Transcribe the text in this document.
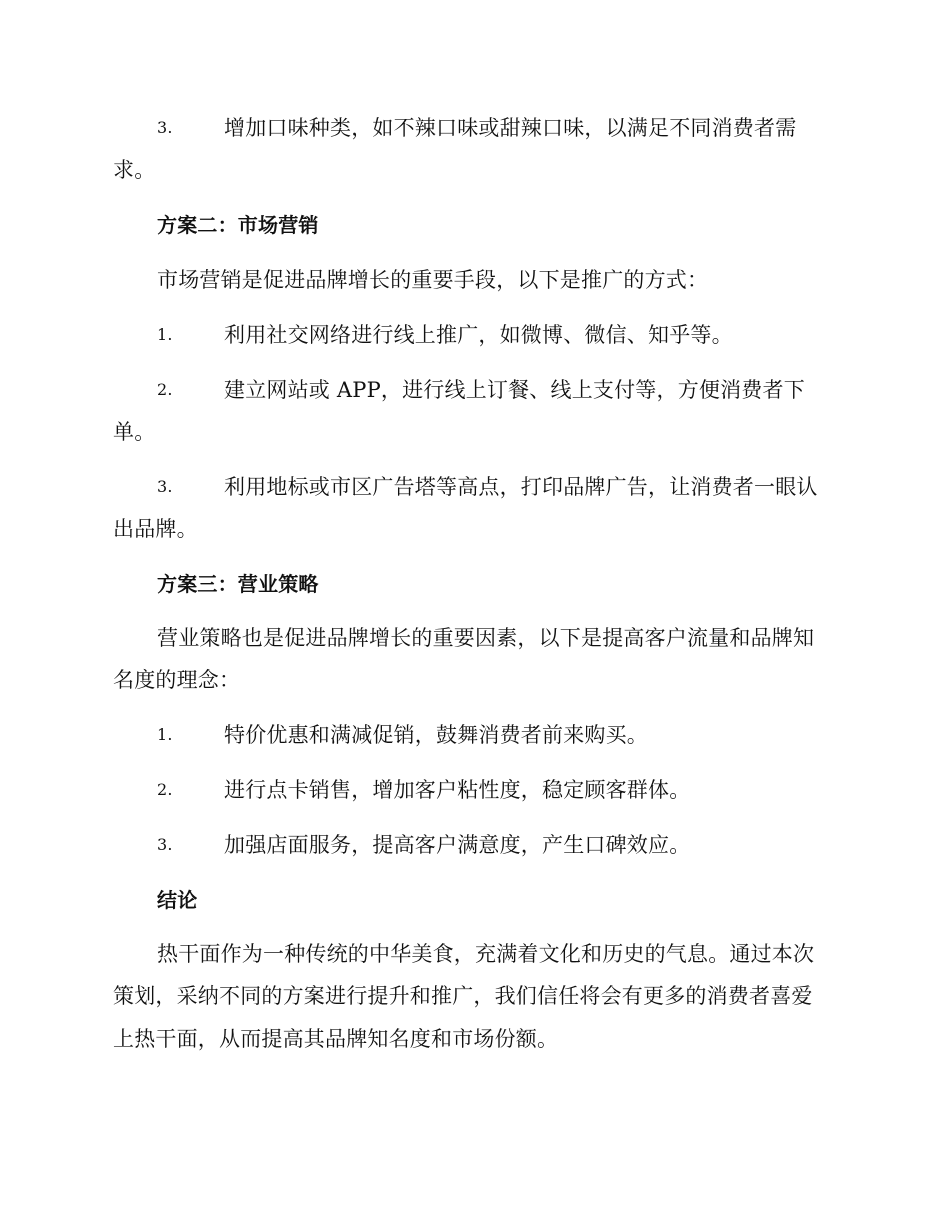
3.	增加口味种类，如不辣口味或甜辣口味，以满足不同消费者需
求。
方案二：市场营销
市场营销是促进品牌增长的重要手段，以下是推广的方式：
1.	利用社交网络进行线上推广，如微博、微信、知乎等。
2.	建立网站或 APP，进行线上订餐、线上支付等，方便消费者下
单。
3.	利用地标或市区广告塔等高点，打印品牌广告，让消费者一眼认
出品牌。
方案三：营业策略
营业策略也是促进品牌增长的重要因素，以下是提高客户流量和品牌知
名度的理念：
1.	特价优惠和满减促销，鼓舞消费者前来购买。
2.	进行点卡销售，增加客户粘性度，稳定顾客群体。
3.	加强店面服务，提高客户满意度，产生口碑效应。
结论
热干面作为一种传统的中华美食，充满着文化和历史的气息。通过本次
策划，采纳不同的方案进行提升和推广，我们信任将会有更多的消费者喜爱
上热干面，从而提高其品牌知名度和市场份额。
